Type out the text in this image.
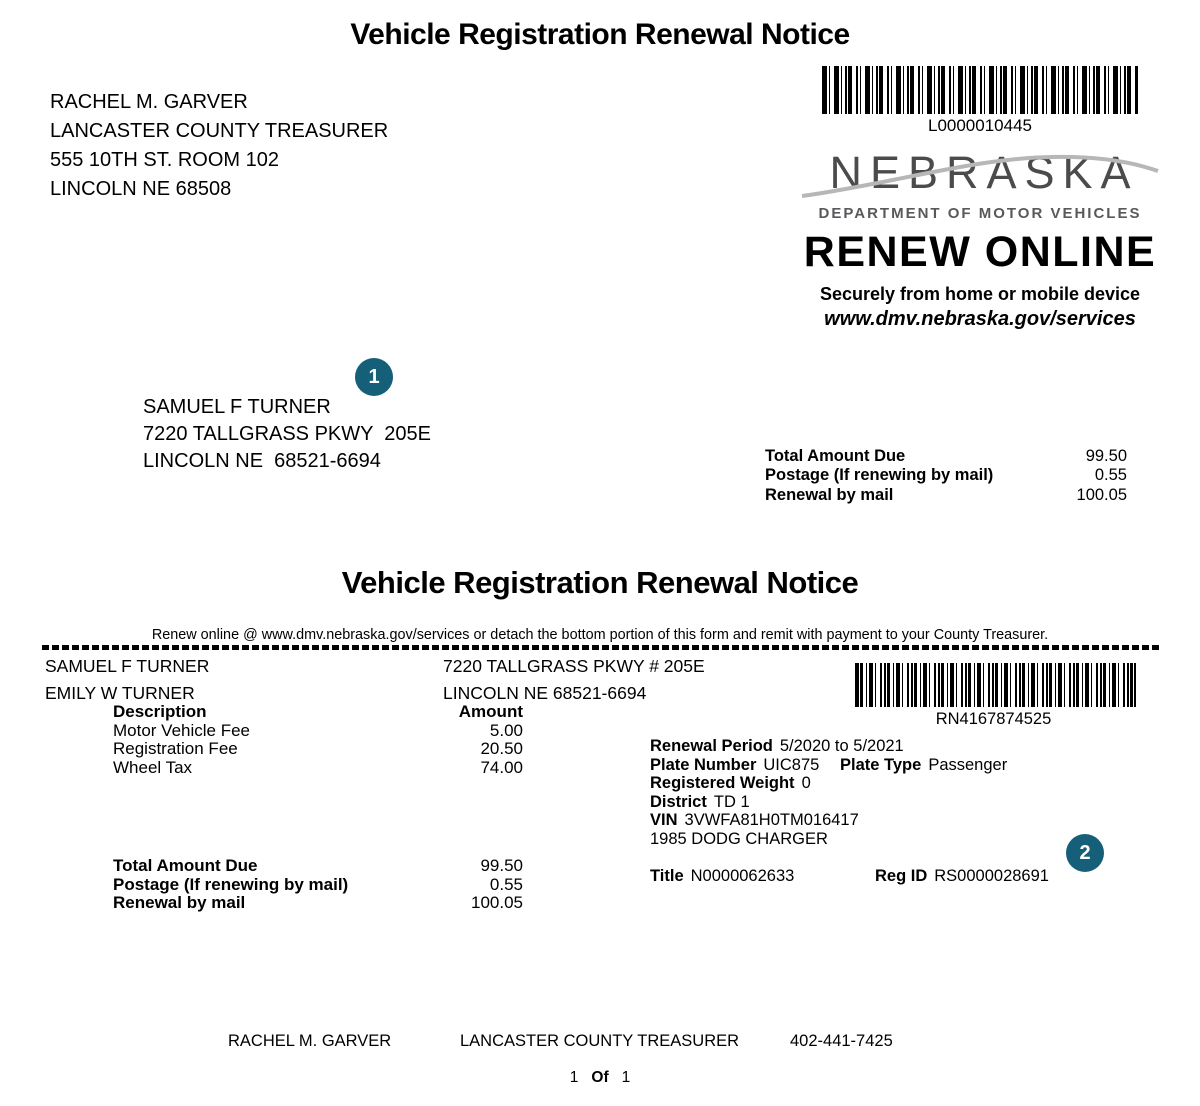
Vehicle Registration Renewal Notice
RACHEL M. GARVER
LANCASTER COUNTY TREASURER
555 10TH ST. ROOM 102
LINCOLN NE 68508
L0000010445
NEBRASKA
DEPARTMENT OF MOTOR VEHICLES
RENEW ONLINE
Securely from home or mobile device
www.dmv.nebraska.gov/services
1
SAMUEL F TURNER
7220 TALLGRASS PKWY  205E
LINCOLN NE  68521-6694	Total Amount Due	99.50
Postage (If renewing by mail)	0.55
Renewal by mail	100.05
Vehicle Registration Renewal Notice
Renew online @ www.dmv.nebraska.gov/services or detach the bottom portion of this form and remit with payment to your County Treasurer.
SAMUEL F TURNER
EMILY W TURNER
7220 TALLGRASS PKWY # 205E
LINCOLN NE 68521-6694
RN4167874525
Description	Amount
Motor Vehicle Fee	5.00
Registration Fee	20.50
Wheel Tax	74.00
Total Amount Due	99.50
Postage (If renewing by mail)	0.55
Renewal by mail	100.05
Renewal Period 5/2020 to 5/2021
Plate Number UIC875 Plate Type Passenger
Registered Weight 0
District TD 1
VIN 3VWFA81H0TM016417
1985 DODG CHARGER
Title N0000062633	Reg ID RS0000028691
2
RACHEL M. GARVER	LANCASTER COUNTY TREASURER	402-441-7425
1 Of 1
